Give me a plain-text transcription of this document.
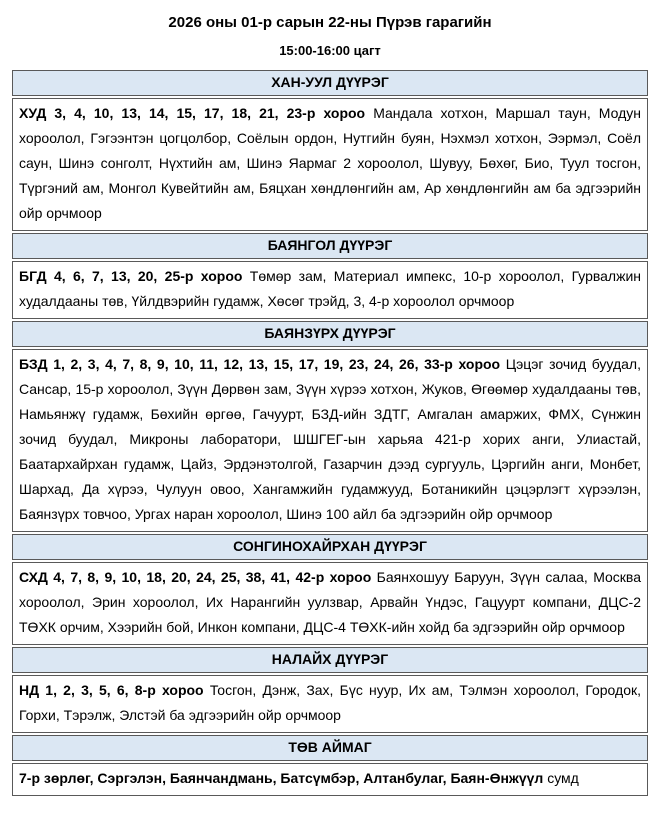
2026 оны 01-р сарын 22-ны Пүрэв гарагийн
15:00-16:00 цагт
ХАН-УУЛ ДҮҮРЭГ
ХУД 3, 4, 10, 13, 14, 15, 17, 18, 21, 23-р хороо Мандала хотхон, Маршал таун, Модун хороолол, Гэгээнтэн цогцолбор, Соёлын ордон, Нутгийн буян, Нэхмэл хотхон, Ээрмэл, Соёл саун, Шинэ сонголт, Нүхтийн ам, Шинэ Яармаг 2 хороолол, Шувуу, Бөхөг, Био, Туул тосгон, Түргэний ам, Монгол Кувейтийн ам, Бяцхан хөндлөнгийн ам, Ар хөндлөнгийн ам ба эдгээрийн ойр орчмоор
БАЯНГОЛ ДҮҮРЭГ
БГД 4, 6, 7, 13, 20, 25-р хороо Төмөр зам, Материал импекс, 10-р хороолол, Гурвалжин худалдааны төв, Үйлдвэрийн гудамж, Хөсөг трэйд, 3, 4-р хороолол орчмоор
БАЯНЗҮРХ ДҮҮРЭГ
БЗД 1, 2, 3, 4, 7, 8, 9, 10, 11, 12, 13, 15, 17, 19, 23, 24, 26, 33-р хороо Цэцэг зочид буудал, Сансар, 15-р хороолол, Зүүн Дөрвөн зам, Зүүн хүрээ хотхон, Жуков, Өгөөмөр худалдааны төв, Намьянжү гудамж, Бөхийн өргөө, Гачуурт, БЗД-ийн ЗДТГ, Амгалан амаржих, ФМХ, Сүнжин зочид буудал, Микроны лаборатори, ШШГЕГ-ын харьяа 421-р хорих анги, Улиастай, Баатархайрхан гудамж, Цайз, Эрдэнэтолгой, Газарчин дээд сургууль, Цэргийн анги, Монбет, Шархад, Да хүрээ, Чулуун овоо, Хангамжийн гудамжууд, Ботаникийн цэцэрлэгт хүрээлэн, Баянзүрх товчоо, Ургах наран хороолол, Шинэ 100 айл ба эдгээрийн ойр орчмоор
СОНГИНОХАЙРХАН ДҮҮРЭГ
СХД 4, 7, 8, 9, 10, 18, 20, 24, 25, 38, 41, 42-р хороо Баянхошуу Баруун, Зүүн салаа, Москва хороолол, Эрин хороолол, Их Нарангийн уулзвар, Арвайн Үндэс, Гацуурт компани, ДЦС-2 ТӨХК орчим, Хээрийн бой, Инкон компани, ДЦС-4 ТӨХК-ийн хойд ба эдгээрийн ойр орчмоор
НАЛАЙХ ДҮҮРЭГ
НД 1, 2, 3, 5, 6, 8-р хороо Тосгон, Дэнж, Зах, Бүс нуур, Их ам, Тэлмэн хороолол, Городок, Горхи, Тэрэлж, Элстэй ба эдгээрийн ойр орчмоор
ТӨВ АЙМАГ
7-р зөрлөг, Сэргэлэн, Баянчандмань, Батсүмбэр, Алтанбулаг, Баян-Өнжүүл сумд
